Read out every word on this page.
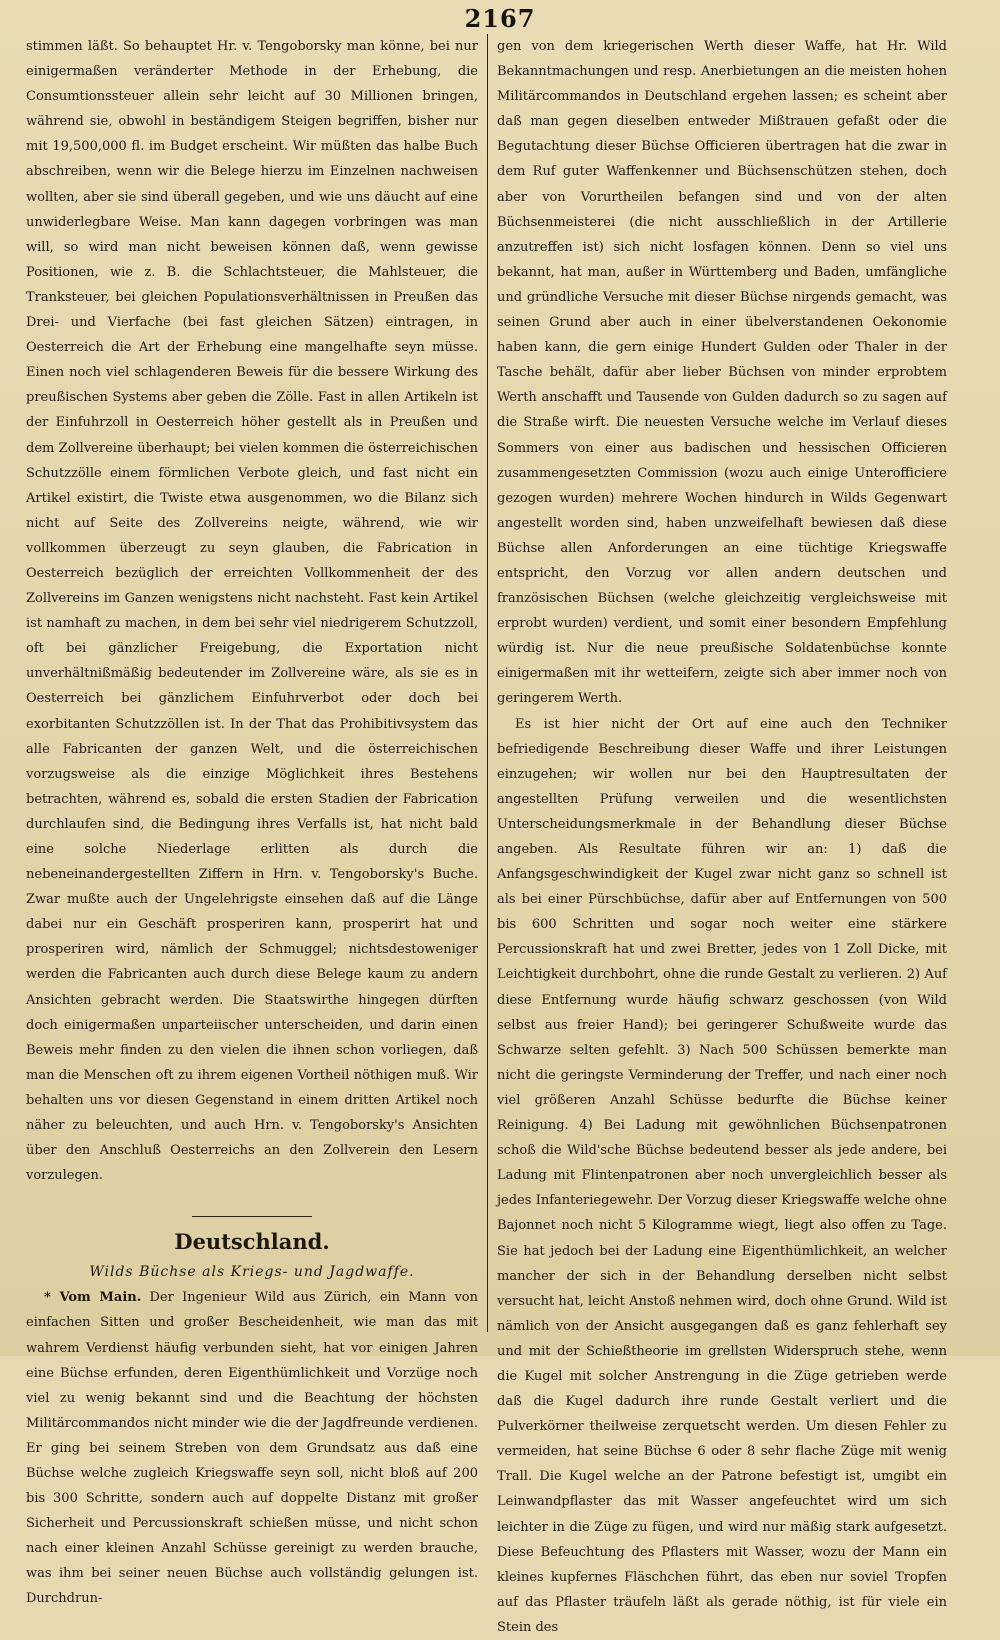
2167

stimmen läßt. So behauptet Hr. v. Tengoborsky man könne, bei nur einigermaßen veränderter Methode in der Erhebung, die Consumtionssteuer allein sehr leicht auf 30 Millionen bringen, während sie, obwohl in beständigem Steigen begriffen, bisher nur mit 19,500,000 fl. im Budget erscheint. Wir müßten das halbe Buch abschreiben, wenn wir die Belege hierzu im Einzelnen nachweisen wollten, aber sie sind überall gegeben, und wie uns däucht auf eine unwiderlegbare Weise. Man kann dagegen vorbringen was man will, so wird man nicht beweisen können daß, wenn gewisse Positionen, wie z. B. die Schlachtsteuer, die Mahlsteuer, die Tranksteuer, bei gleichen Populationsverhältnissen in Preußen das Drei- und Vierfache (bei fast gleichen Sätzen) eintragen, in Oesterreich die Art der Erhebung eine mangelhafte seyn müsse. Einen noch viel schlagenderen Beweis für die bessere Wirkung des preußischen Systems aber geben die Zölle. Fast in allen Artikeln ist der Einfuhrzoll in Oesterreich höher gestellt als in Preußen und dem Zollvereine überhaupt; bei vielen kommen die österreichischen Schutzzölle einem förmlichen Verbote gleich, und fast nicht ein Artikel existirt, die Twiste etwa ausgenommen, wo die Bilanz sich nicht auf Seite des Zollvereins neigte, während, wie wir vollkommen überzeugt zu seyn glauben, die Fabrication in Oesterreich bezüglich der erreichten Vollkommenheit der des Zollvereins im Ganzen wenigstens nicht nachsteht. Fast kein Artikel ist namhaft zu machen, in dem bei sehr viel niedrigerem Schutzzoll, oft bei gänzlicher Freigebung, die Exportation nicht unverhältnißmäßig bedeutender im Zollvereine wäre, als sie es in Oesterreich bei gänzlichem Einfuhrverbot oder doch bei exorbitanten Schutzzöllen ist. In der That das Prohibitivsystem das alle Fabricanten der ganzen Welt, und die österreichischen vorzugsweise als die einzige Möglichkeit ihres Bestehens betrachten, während es, sobald die ersten Stadien der Fabrication durchlaufen sind, die Bedingung ihres Verfalls ist, hat nicht bald eine solche Niederlage erlitten als durch die nebeneinandergestellten Ziffern in Hrn. v. Tengoborsky's Buche. Zwar mußte auch der Ungelehrigste einsehen daß auf die Länge dabei nur ein Geschäft prosperiren kann, prosperirt hat und prosperiren wird, nämlich der Schmuggel; nichtsdestoweniger werden die Fabricanten auch durch diese Belege kaum zu andern Ansichten gebracht werden. Die Staatswirthe hingegen dürften doch einigermaßen unparteiischer unterscheiden, und darin einen Beweis mehr finden zu den vielen die ihnen schon vorliegen, daß man die Menschen oft zu ihrem eigenen Vortheil nöthigen muß. Wir behalten uns vor diesen Gegenstand in einem dritten Artikel noch näher zu beleuchten, und auch Hrn. v. Tengoborsky's Ansichten über den Anschluß Oesterreichs an den Zollverein den Lesern vorzulegen.

Deutschland.
Wilds Büchse als Kriegs- und Jagdwaffe.

* Vom Main. Der Ingenieur Wild aus Zürich, ein Mann von einfachen Sitten und großer Bescheidenheit, wie man das mit wahrem Verdienst häufig verbunden sieht, hat vor einigen Jahren eine Büchse erfunden, deren Eigenthümlichkeit und Vorzüge noch viel zu wenig bekannt sind und die Beachtung der höchsten Militärcommandos nicht minder wie die der Jagdfreunde verdienen. Er ging bei seinem Streben von dem Grundsatz aus daß eine Büchse welche zugleich Kriegswaffe seyn soll, nicht bloß auf 200 bis 300 Schritte, sondern auch auf doppelte Distanz mit großer Sicherheit und Percussionskraft schießen müsse, und nicht schon nach einer kleinen Anzahl Schüsse gereinigt zu werden brauche, was ihm bei seiner neuen Büchse auch vollständig gelungen ist. Durchdrun-

gen von dem kriegerischen Werth dieser Waffe, hat Hr. Wild Bekanntmachungen und resp. Anerbietungen an die meisten hohen Militärcommandos in Deutschland ergehen lassen; es scheint aber daß man gegen dieselben entweder Mißtrauen gefaßt oder die Begutachtung dieser Büchse Officieren übertragen hat die zwar in dem Ruf guter Waffenkenner und Büchsenschützen stehen, doch aber von Vorurtheilen befangen sind und von der alten Büchsenmeisterei (die nicht ausschließlich in der Artillerie anzutreffen ist) sich nicht losfagen können. Denn so viel uns bekannt, hat man, außer in Württemberg und Baden, umfängliche und gründliche Versuche mit dieser Büchse nirgends gemacht, was seinen Grund aber auch in einer übelverstandenen Oekonomie haben kann, die gern einige Hundert Gulden oder Thaler in der Tasche behält, dafür aber lieber Büchsen von minder erprobtem Werth anschafft und Tausende von Gulden dadurch so zu sagen auf die Straße wirft. Die neuesten Versuche welche im Verlauf dieses Sommers von einer aus badischen und hessischen Officieren zusammengesetzten Commission (wozu auch einige Unterofficiere gezogen wurden) mehrere Wochen hindurch in Wilds Gegenwart angestellt worden sind, haben unzweifelhaft bewiesen daß diese Büchse allen Anforderungen an eine tüchtige Kriegswaffe entspricht, den Vorzug vor allen andern deutschen und französischen Büchsen (welche gleichzeitig vergleichsweise mit erprobt wurden) verdient, und somit einer besondern Empfehlung würdig ist. Nur die neue preußische Soldatenbüchse konnte einigermaßen mit ihr wetteifern, zeigte sich aber immer noch von geringerem Werth.

Es ist hier nicht der Ort auf eine auch den Techniker befriedigende Beschreibung dieser Waffe und ihrer Leistungen einzugehen; wir wollen nur bei den Hauptresultaten der angestellten Prüfung verweilen und die wesentlichsten Unterscheidungsmerkmale in der Behandlung dieser Büchse angeben. Als Resultate führen wir an: 1) daß die Anfangsgeschwindigkeit der Kugel zwar nicht ganz so schnell ist als bei einer Pürschbüchse, dafür aber auf Entfernungen von 500 bis 600 Schritten und sogar noch weiter eine stärkere Percussionskraft hat und zwei Bretter, jedes von 1 Zoll Dicke, mit Leichtigkeit durchbohrt, ohne die runde Gestalt zu verlieren. 2) Auf diese Entfernung wurde häufig schwarz geschossen (von Wild selbst aus freier Hand); bei geringerer Schußweite wurde das Schwarze selten gefehlt. 3) Nach 500 Schüssen bemerkte man nicht die geringste Verminderung der Treffer, und nach einer noch viel größeren Anzahl Schüsse bedurfte die Büchse keiner Reinigung. 4) Bei Ladung mit gewöhnlichen Büchsenpatronen schoß die Wild'sche Büchse bedeutend besser als jede andere, bei Ladung mit Flintenpatronen aber noch unvergleichlich besser als jedes Infanteriegewehr. Der Vorzug dieser Kriegswaffe welche ohne Bajonnet noch nicht 5 Kilogramme wiegt, liegt also offen zu Tage. Sie hat jedoch bei der Ladung eine Eigenthümlichkeit, an welcher mancher der sich in der Behandlung derselben nicht selbst versucht hat, leicht Anstoß nehmen wird, doch ohne Grund. Wild ist nämlich von der Ansicht ausgegangen daß es ganz fehlerhaft sey und mit der Schießtheorie im grellsten Widerspruch stehe, wenn die Kugel mit solcher Anstrengung in die Züge getrieben werde daß die Kugel dadurch ihre runde Gestalt verliert und die Pulverkörner theilweise zerquetscht werden. Um diesen Fehler zu vermeiden, hat seine Büchse 6 oder 8 sehr flache Züge mit wenig Trall. Die Kugel welche an der Patrone befestigt ist, umgibt ein Leinwandpflaster das mit Wasser angefeuchtet wird um sich leichter in die Züge zu fügen, und wird nur mäßig stark aufgesetzt. Diese Befeuchtung des Pflasters mit Wasser, wozu der Mann ein kleines kupfernes Fläschchen führt, das eben nur soviel Tropfen auf das Pflaster träufeln läßt als gerade nöthig, ist für viele ein Stein des
